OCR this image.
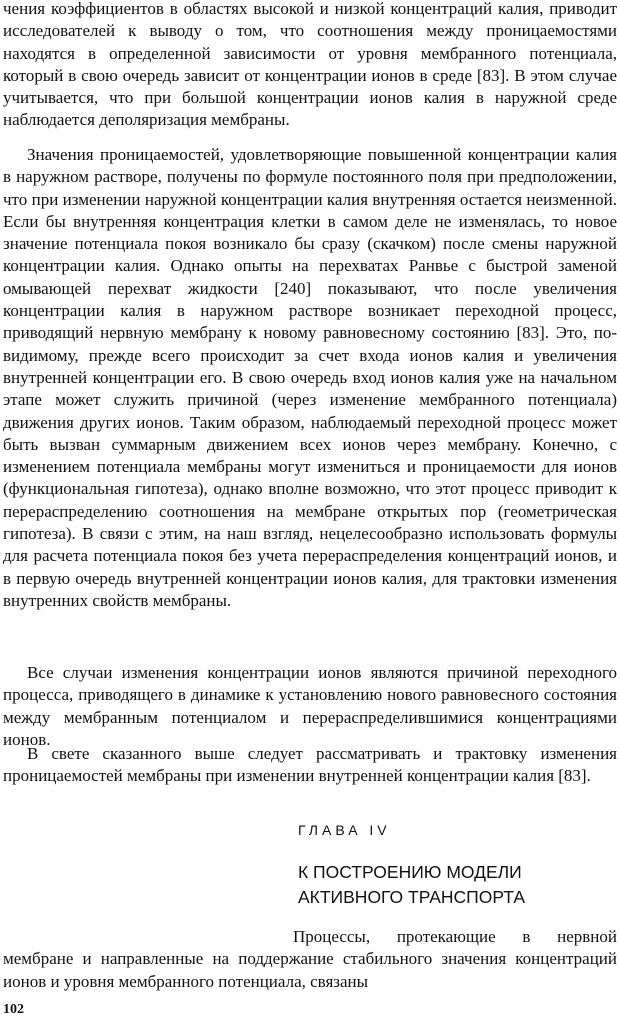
чения коэффициентов в областях высокой и низкой концентраций калия, приводит исследователей к выводу о том, что соотношения между проницаемостями находятся в определенной зависимости от уровня мембранного потенциала, который в свою очередь зависит от концентрации ионов в среде [83]. В этом случае учитывается, что при большой концентрации ионов калия в наружной среде наблюдается деполяризация мембраны.

Значения проницаемостей, удовлетворяющие повышенной концентрации калия в наружном растворе, получены по формуле постоянного поля при предположении, что при изменении наружной концентрации калия внутренняя остается неизменной. Если бы внутренняя концентрация клетки в самом деле не изменялась, то новое значение потенциала покоя возникало бы сразу (скачком) после смены наружной концентрации калия. Однако опыты на перехватах Ранвье с быстрой заменой омывающей перехват жидкости [240] показывают, что после увеличения концентрации калия в наружном растворе возникает переходной процесс, приводящий нервную мембрану к новому равновесному состоянию [83]. Это, по-видимому, прежде всего происходит за счет входа ионов калия и увеличения внутренней концентрации его. В свою очередь вход ионов калия уже на начальном этапе может служить причиной (через изменение мембранного потенциала) движения других ионов. Таким образом, наблюдаемый переходной процесс может быть вызван суммарным движением всех ионов через мембрану. Конечно, с изменением потенциала мембраны могут измениться и проницаемости для ионов (функциональная гипотеза), однако вполне возможно, что этот процесс приводит к перераспределению соотношения на мембране открытых пор (геометрическая гипотеза). В связи с этим, на наш взгляд, нецелесообразно использовать формулы для расчета потенциала покоя без учета перераспределения концентраций ионов, и в первую очередь внутренней концентрации ионов калия, для трактовки изменения внутренних свойств мембраны.

Все случаи изменения концентрации ионов являются причиной переходного процесса, приводящего в динамике к установлению нового равновесного состояния между мембранным потенциалом и перераспределившимися концентрациями ионов.

В свете сказанного выше следует рассматривать и трактовку изменения проницаемостей мембраны при изменении внутренней концентрации калия [83].

ГЛАВА IV
К ПОСТРОЕНИЮ МОДЕЛИ
АКТИВНОГО ТРАНСПОРТА

Процессы, протекающие в нервной мембране и направленные на поддержание стабильного значения концентраций ионов и уровня мембранного потенциала, связаны

102
